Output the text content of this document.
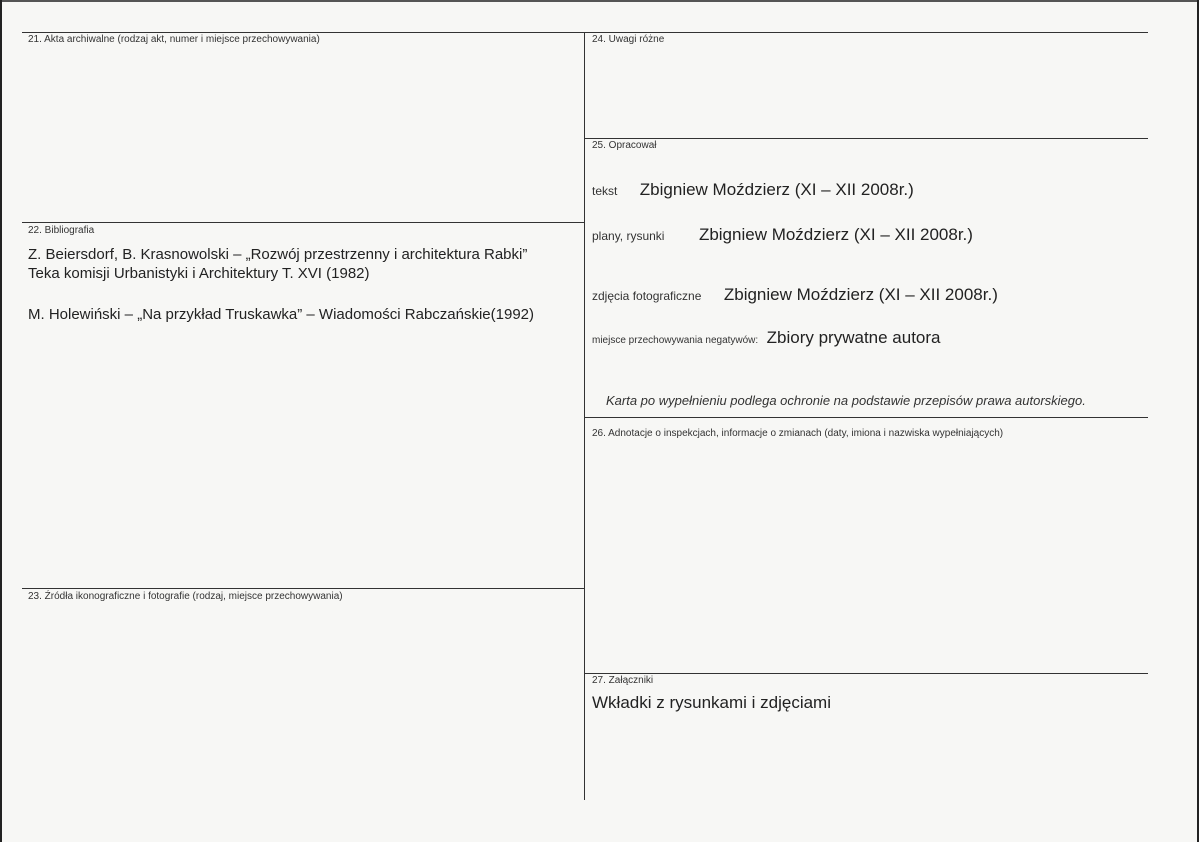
21. Akta archiwalne (rodzaj akt, numer i miejsce przechowywania)
22. Bibliografia
Z. Beiersdorf, B. Krasnowolski – „Rozwój przestrzenny i architektura Rabki”
Teka komisji Urbanistyki i Architektury T. XVI (1982)
M. Holewiński – „Na przykład Truskawka” – Wiadomości Rabczańskie(1992)
23. Źródła ikonograficzne i fotografie (rodzaj, miejsce przechowywania)
24. Uwagi różne
25. Opracował
tekst Zbigniew Moździerz (XI – XII 2008r.)
plany, rysunki Zbigniew Moździerz (XI – XII 2008r.)
zdjęcia fotograficzne Zbigniew Moździerz (XI – XII 2008r.)
miejsce przechowywania negatywów: Zbiory prywatne autora
Karta po wypełnieniu podlega ochronie na podstawie przepisów prawa autorskiego.
26. Adnotacje o inspekcjach, informacje o zmianach (daty, imiona i nazwiska wypełniających)
27. Załączniki
Wkładki z rysunkami i zdjęciami
